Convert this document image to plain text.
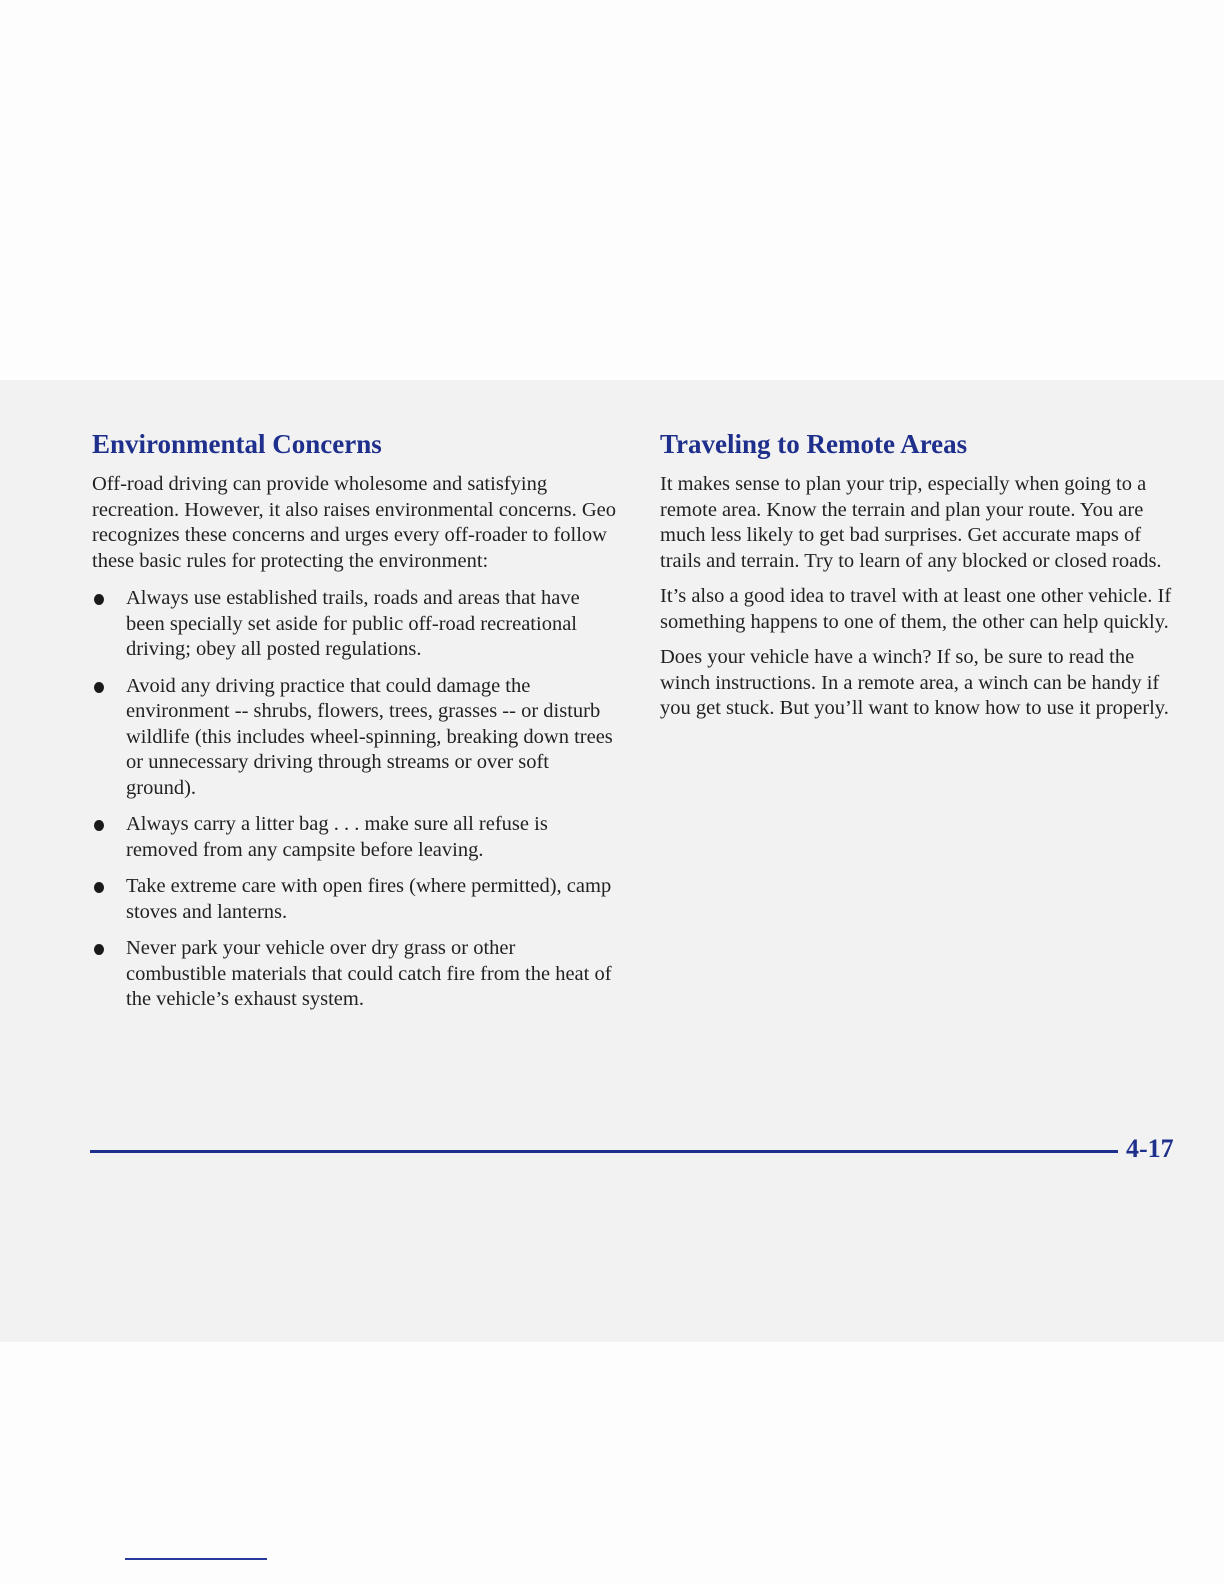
Environmental Concerns

Off-road driving can provide wholesome and satisfying recreation. However, it also raises environmental concerns. Geo recognizes these concerns and urges every off-roader to follow these basic rules for protecting the environment:

Always use established trails, roads and areas that have been specially set aside for public off-road recreational driving; obey all posted regulations.
Avoid any driving practice that could damage the environment -- shrubs, flowers, trees, grasses -- or disturb wildlife (this includes wheel-spinning, breaking down trees or unnecessary driving through streams or over soft ground).
Always carry a litter bag . . . make sure all refuse is removed from any campsite before leaving.
Take extreme care with open fires (where permitted), camp stoves and lanterns.
Never park your vehicle over dry grass or other combustible materials that could catch fire from the heat of the vehicle’s exhaust system.
Traveling to Remote Areas

It makes sense to plan your trip, especially when going to a remote area. Know the terrain and plan your route. You are much less likely to get bad surprises. Get accurate maps of trails and terrain. Try to learn of any blocked or closed roads.

It’s also a good idea to travel with at least one other vehicle. If something happens to one of them, the other can help quickly.

Does your vehicle have a winch? If so, be sure to read the winch instructions. In a remote area, a winch can be handy if you get stuck. But you’ll want to know how to use it properly.

4-17
